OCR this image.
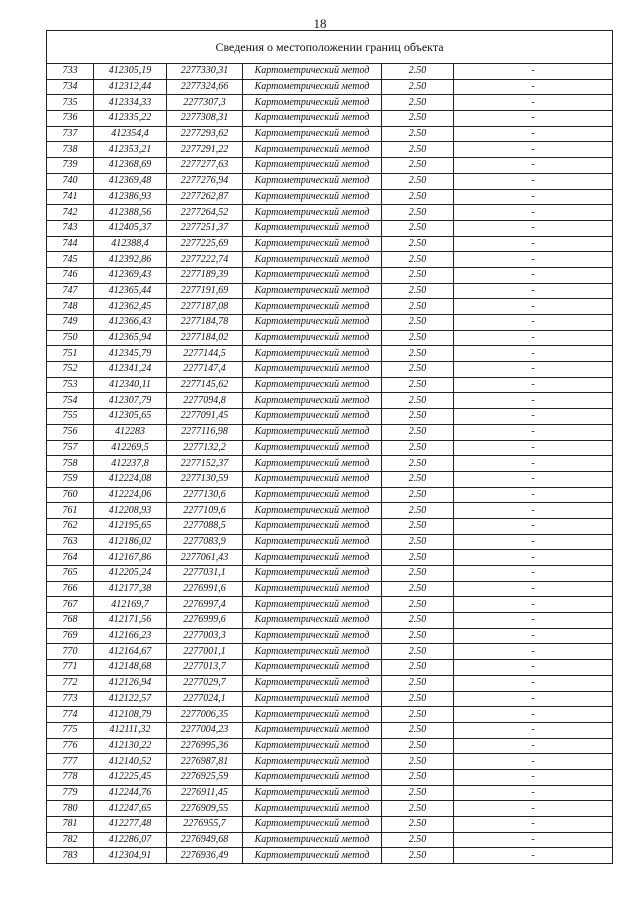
18
Сведения о местоположении границ объекта					
733	412305,19	2277330,31	Картометрический метод	2.50	-
734	412312,44	2277324,66	Картометрический метод	2.50	-
735	412334,33	2277307,3	Картометрический метод	2.50	-
736	412335,22	2277308,31	Картометрический метод	2.50	-
737	412354,4	2277293,62	Картометрический метод	2.50	-
738	412353,21	2277291,22	Картометрический метод	2.50	-
739	412368,69	2277277,63	Картометрический метод	2.50	-
740	412369,48	2277276,94	Картометрический метод	2.50	-
741	412386,93	2277262,87	Картометрический метод	2.50	-
742	412388,56	2277264,52	Картометрический метод	2.50	-
743	412405,37	2277251,37	Картометрический метод	2.50	-
744	412388,4	2277225,69	Картометрический метод	2.50	-
745	412392,86	2277222,74	Картометрический метод	2.50	-
746	412369,43	2277189,39	Картометрический метод	2.50	-
747	412365,44	2277191,69	Картометрический метод	2.50	-
748	412362,45	2277187,08	Картометрический метод	2.50	-
749	412366,43	2277184,78	Картометрический метод	2.50	-
750	412365,94	2277184,02	Картометрический метод	2.50	-
751	412345,79	2277144,5	Картометрический метод	2.50	-
752	412341,24	2277147,4	Картометрический метод	2.50	-
753	412340,11	2277145,62	Картометрический метод	2.50	-
754	412307,79	2277094,8	Картометрический метод	2.50	-
755	412305,65	2277091,45	Картометрический метод	2.50	-
756	412283	2277116,98	Картометрический метод	2.50	-
757	412269,5	2277132,2	Картометрический метод	2.50	-
758	412237,8	2277152,37	Картометрический метод	2.50	-
759	412224,08	2277130,59	Картометрический метод	2.50	-
760	412224,06	2277130,6	Картометрический метод	2.50	-
761	412208,93	2277109,6	Картометрический метод	2.50	-
762	412195,65	2277088,5	Картометрический метод	2.50	-
763	412186,02	2277083,9	Картометрический метод	2.50	-
764	412167,86	2277061,43	Картометрический метод	2.50	-
765	412205,24	2277031,1	Картометрический метод	2.50	-
766	412177,38	2276991,6	Картометрический метод	2.50	-
767	412169,7	2276997,4	Картометрический метод	2.50	-
768	412171,56	2276999,6	Картометрический метод	2.50	-
769	412166,23	2277003,3	Картометрический метод	2.50	-
770	412164,67	2277001,1	Картометрический метод	2.50	-
771	412148,68	2277013,7	Картометрический метод	2.50	-
772	412126,94	2277029,7	Картометрический метод	2.50	-
773	412122,57	2277024,1	Картометрический метод	2.50	-
774	412108,79	2277006,35	Картометрический метод	2.50	-
775	412111,32	2277004,23	Картометрический метод	2.50	-
776	412130,22	2276995,36	Картометрический метод	2.50	-
777	412140,52	2276987,81	Картометрический метод	2.50	-
778	412225,45	2276925,59	Картометрический метод	2.50	-
779	412244,76	2276911,45	Картометрический метод	2.50	-
780	412247,65	2276909,55	Картометрический метод	2.50	-
781	412277,48	2276955,7	Картометрический метод	2.50	-
782	412286,07	2276949,68	Картометрический метод	2.50	-
783	412304,91	2276936,49	Картометрический метод	2.50	-
